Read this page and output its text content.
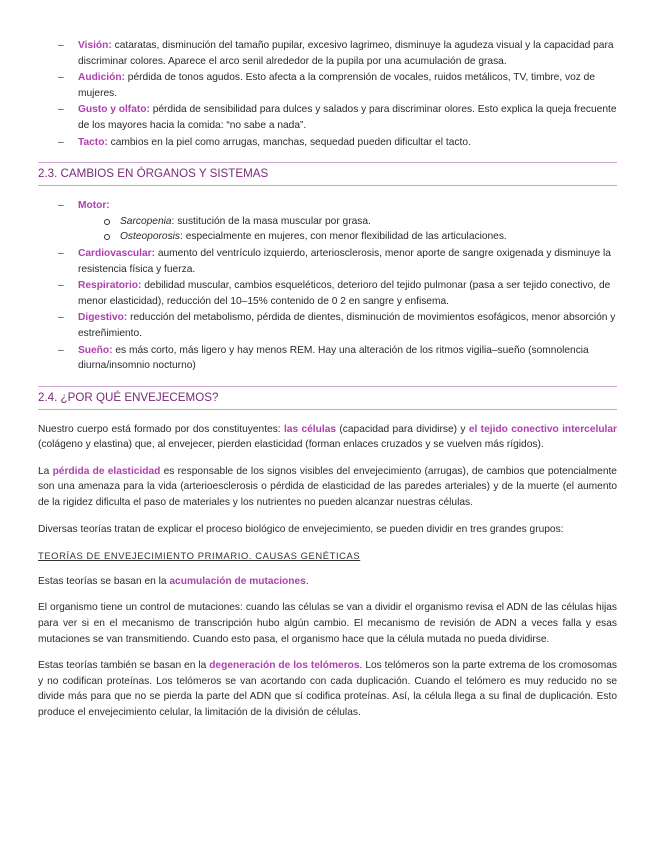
– Visión: cataratas, disminución del tamaño pupilar, excesivo lagrimeo, disminuye la agudeza visual y la capacidad para discriminar colores. Aparece el arco senil alrededor de la pupila por una acumulación de grasa.
– Audición: pérdida de tonos agudos. Esto afecta a la comprensión de vocales, ruidos metálicos, TV, timbre, voz de mujeres.
– Gusto y olfato: pérdida de sensibilidad para dulces y salados y para discriminar olores. Esto explica la queja frecuente de los mayores hacia la comida: “no sabe a nada”.
– Tacto: cambios en la piel como arrugas, manchas, sequedad pueden dificultar el tacto.
2.3. CAMBIOS EN ÓRGANOS Y SISTEMAS
– Motor:
Sarcopenia: sustitución de la masa muscular por grasa.
Osteoporosis: especialmente en mujeres, con menor flexibilidad de las articulaciones.
– Cardiovascular: aumento del ventrículo izquierdo, arteriosclerosis, menor aporte de sangre oxigenada y disminuye la resistencia física y fuerza.
– Respiratorio: debilidad muscular, cambios esqueléticos, deterioro del tejido pulmonar (pasa a ser tejido conectivo, de menor elasticidad), reducción del 10–15% contenido de 0 2 en sangre y enfisema.
– Digestivo: reducción del metabolismo, pérdida de dientes, disminución de movimientos esofágicos, menor absorción y estreñimiento.
– Sueño: es más corto, más ligero y hay menos REM. Hay una alteración de los ritmos vigilia–sueño (somnolencia diurna/insomnio nocturno)
2.4. ¿POR QUÉ ENVEJECEMOS?

Nuestro cuerpo está formado por dos constituyentes: las células (capacidad para dividirse) y el tejido conectivo intercelular (colágeno y elastina) que, al envejecer, pierden elasticidad (forman enlaces cruzados y se vuelven más rígidos).

La pérdida de elasticidad es responsable de los signos visibles del envejecimiento (arrugas), de cambios que potencialmente son una amenaza para la vida (arterioesclerosis o pérdida de elasticidad de las paredes arteriales) y de la muerte (el aumento de la rigidez dificulta el paso de materiales y los nutrientes no pueden alcanzar nuestras células.

Diversas teorías tratan de explicar el proceso biológico de envejecimiento, se pueden dividir en tres grandes grupos:

TEORÍAS DE ENVEJECIMIENTO PRIMARIO. CAUSAS GENÉTICAS

Estas teorías se basan en la acumulación de mutaciones.

El organismo tiene un control de mutaciones: cuando las células se van a dividir el organismo revisa el ADN de las células hijas para ver si en el mecanismo de transcripción hubo algún cambio. El mecanismo de revisión de ADN a veces falla y esas mutaciones se van transmitiendo. Cuando esto pasa, el organismo hace que la célula mutada no pueda dividirse.

Estas teorías también se basan en la degeneración de los telómeros. Los telómeros son la parte extrema de los cromosomas y no codifican proteínas. Los telómeros se van acortando con cada duplicación. Cuando el telómero es muy reducido no se divide más para que no se pierda la parte del ADN que sí codifica proteínas. Así, la célula llega a su final de duplicación. Esto produce el envejecimiento celular, la limitación de la división de células.
